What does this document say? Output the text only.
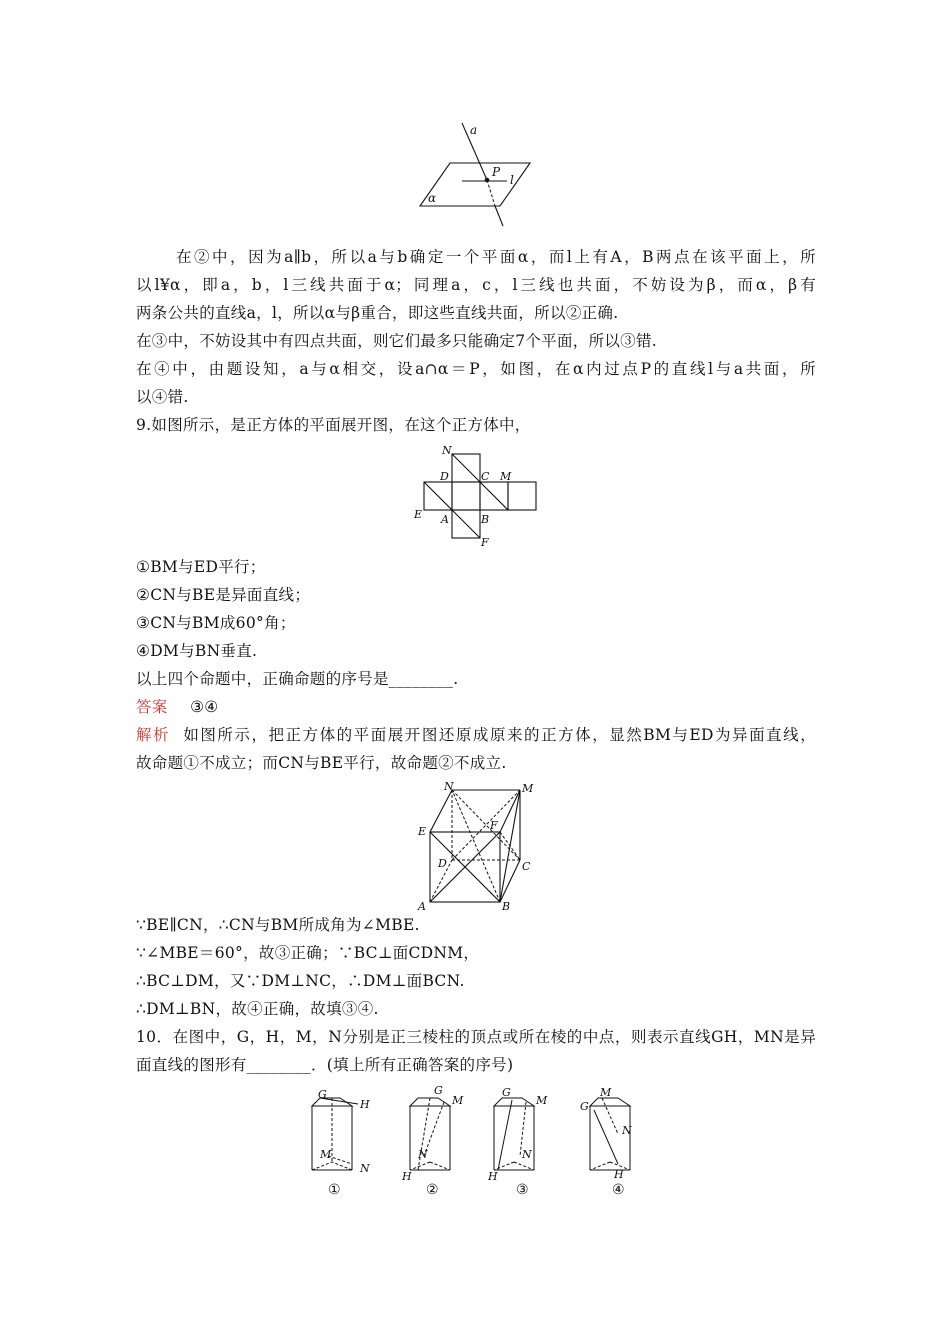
a
P
l
α
在②中，因为a∥b，所以a与b确定一个平面α，而l上有A，B两点在该平面上，所
以l¥α，即a，b，l三线共面于α；同理a，c，l三线也共面，不妨设为β，而α，β有
两条公共的直线a，l，所以α与β重合，即这些直线共面，所以②正确.
在③中，不妨设其中有四点共面，则它们最多只能确定7个平面，所以③错.
在④中，由题设知，a与α相交，设a∩α＝P，如图，在α内过点P的直线l与a共面，所
以④错.
9.如图所示，是正方体的平面展开图，在这个正方体中，
N
D	C M
E A	B
F
①BM与ED平行；
②CN与BE是异面直线；
③CN与BM成60°角；
④DM与BN垂直.
以上四个命题中，正确命题的序号是________.
答案 ③④
解析 如图所示，把正方体的平面展开图还原成原来的正方体，显然BM与ED为异面直线，
故命题①不成立；而CN与BE平行，故命题②不成立.
N	M
E	F
D	C
A	B
∵BE∥CN，∴CN与BM所成角为∠MBE.
∵∠MBE＝60°，故③正确；∵BC⊥面CDNM，
∴BC⊥DM，又∵DM⊥NC，∴DM⊥面BCN.
∴DM⊥BN，故④正确，故填③④.
10．在图中，G，H，M，N分别是正三棱柱的顶点或所在棱的中点，则表示直线GH，MN是异
面直线的图形有________．(填上所有正确答案的序号)
G
H
M
N
①
G
M
N
H
②
G
M
N
H
③
G
M
N
H
④
